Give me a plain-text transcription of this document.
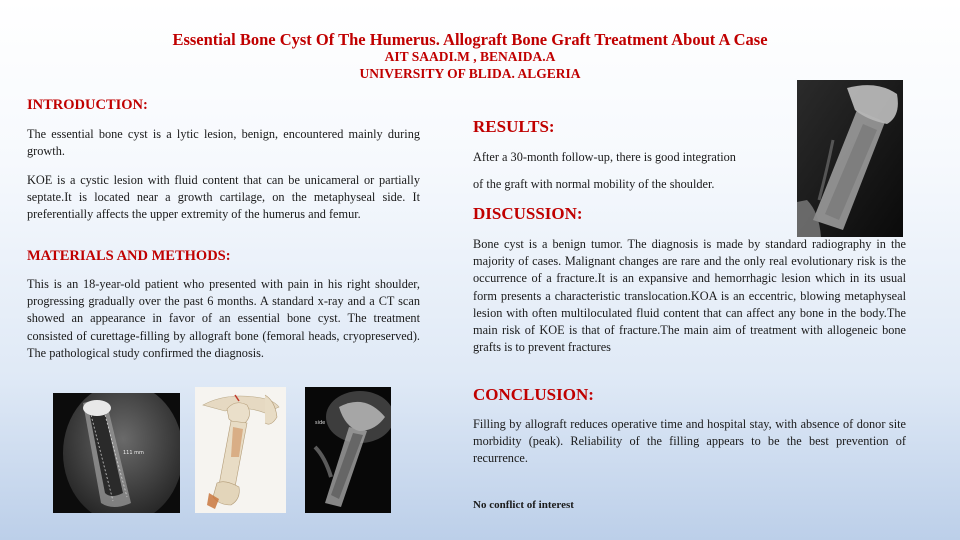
Essential Bone Cyst Of The Humerus. Allograft Bone Graft Treatment About A Case
AIT SAADI.M , BENAIDA.A
UNIVERSITY OF BLIDA. ALGERIA
INTRODUCTION:
The essential bone cyst is a lytic lesion, benign, encountered mainly during growth.
KOE is a cystic lesion with fluid content that can be unicameral or partially septate.It is located near a growth cartilage, on the metaphyseal side. It preferentially affects the upper extremity of the humerus and femur.
MATERIALS AND METHODS:
This is an 18-year-old patient who presented with pain in his right shoulder, progressing gradually over the past 6 months. A standard x-ray and a CT scan showed an appearance in favor of an essential bone cyst. The treatment consisted of curettage-filling by allograft bone (femoral heads, cryopreserved). The pathological study confirmed the diagnosis.
111 mm
side
RESULTS:
After a 30-month follow-up, there is good integration
of the graft with normal mobility of the shoulder.
DISCUSSION:
Bone cyst is a benign tumor. The diagnosis is made by standard radiography in the majority of cases. Malignant changes are rare and the only real evolutionary risk is the occurrence of a fracture.It is an expansive and hemorrhagic lesion which in its usual form presents a characteristic translocation.KOA is an eccentric, blowing metaphyseal lesion with often multiloculated fluid content that can affect any bone in the body.The main risk of KOE is that of fracture.The main aim of treatment with allogeneic bone grafts is to prevent fractures
CONCLUSION:
Filling by allograft reduces operative time and hospital stay, with absence of donor site morbidity (peak). Reliability of the filling appears to be the best prevention of recurrence.
No conflict of interest
